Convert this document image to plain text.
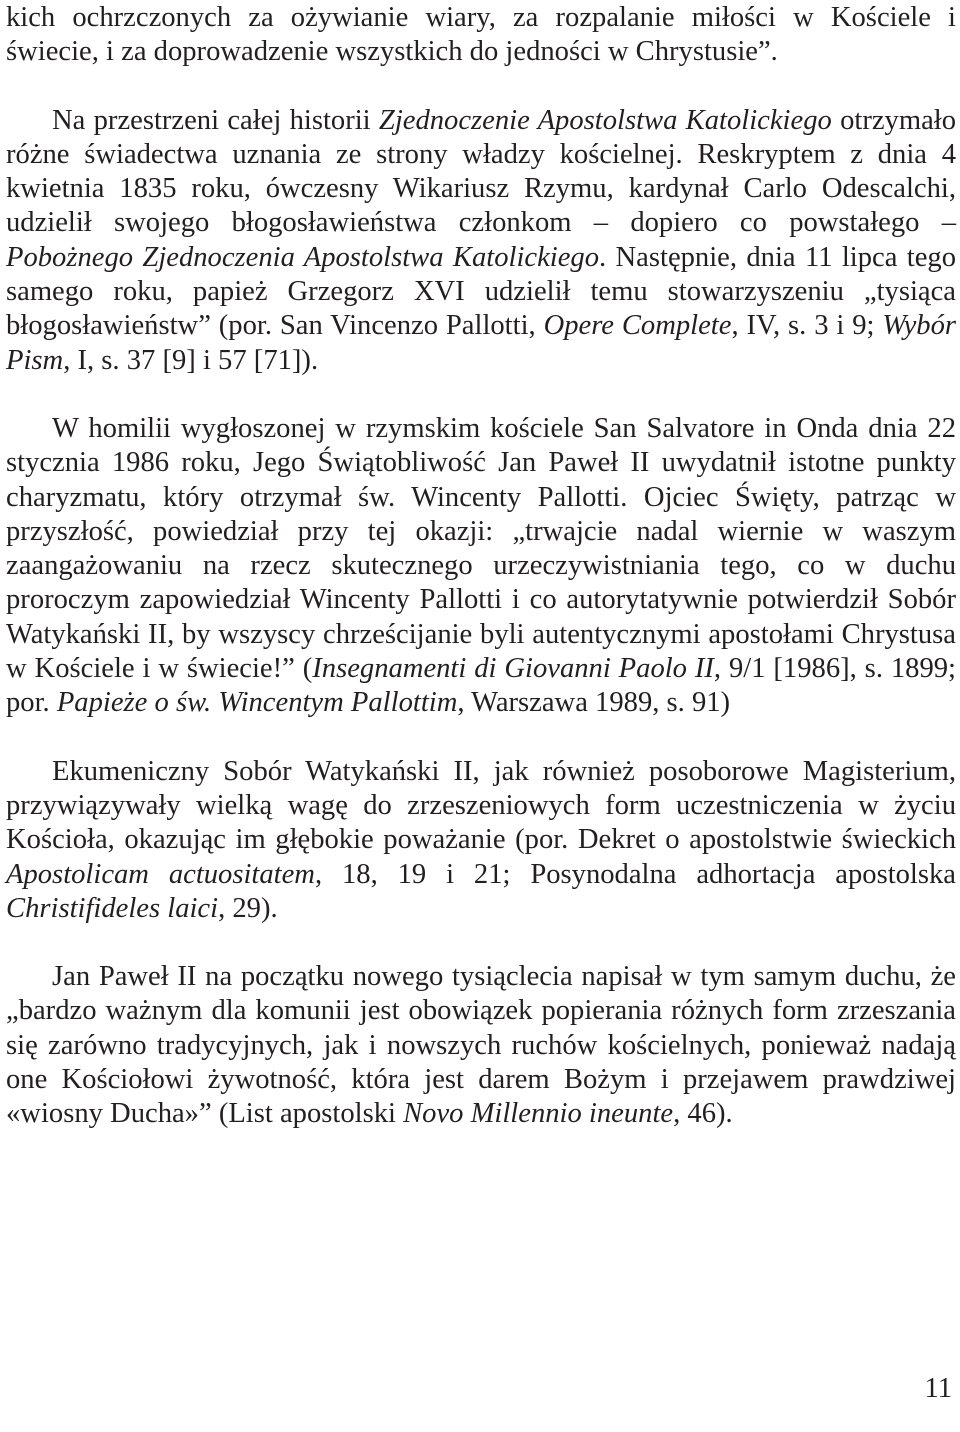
kich ochrzczonych za ożywianie wiary, za rozpalanie miłości w Kościele i świecie, i za doprowadzenie wszystkich do jedności w Chrystusie”.

Na przestrzeni całej historii Zjednoczenie Apostolstwa Katolickiego otrzymało różne świadectwa uznania ze strony władzy kościelnej. Reskryptem z dnia 4 kwietnia 1835 roku, ówczesny Wikariusz Rzymu, kardynał Carlo Odescalchi, udzielił swojego błogosławieństwa członkom – dopiero co powstałego – Pobożnego Zjednoczenia Apostolstwa Katolickiego. Następnie, dnia 11 lipca tego samego roku, papież Grzegorz XVI udzielił temu stowarzyszeniu „tysiąca błogosławieństw” (por. San Vincenzo Pallotti, Opere Complete, IV, s. 3 i 9; Wybór Pism, I, s. 37 [9] i 57 [71]).

W homilii wygłoszonej w rzymskim kościele San Salvatore in Onda dnia 22 stycznia 1986 roku, Jego Świątobliwość Jan Paweł II uwydatnił istotne punkty charyzmatu, który otrzymał św. Wincenty Pallotti. Ojciec Święty, patrząc w przyszłość, powiedział przy tej okazji: „trwajcie nadal wiernie w waszym zaangażowaniu na rzecz skutecznego urzeczywistniania tego, co w duchu proroczym zapowiedział Wincenty Pallotti i co autorytatywnie potwierdził Sobór Watykański II, by wszyscy chrześcijanie byli autentycznymi apostołami Chrystusa w Kościele i w świecie!” (Insegnamenti di Giovanni Paolo II, 9/1 [1986], s. 1899; por. Papieże o św. Wincentym Pallottim, Warszawa 1989, s. 91)

Ekumeniczny Sobór Watykański II, jak również posoborowe Magisterium, przywiązywały wielką wagę do zrzeszeniowych form uczestniczenia w życiu Kościoła, okazując im głębokie poważanie (por. Dekret o apostolstwie świeckich Apostolicam actuositatem, 18, 19 i 21; Posynodalna adhortacja apostolska Christifideles laici, 29).

Jan Paweł II na początku nowego tysiąclecia napisał w tym samym duchu, że „bardzo ważnym dla komunii jest obowiązek popierania różnych form zrzeszania się zarówno tradycyjnych, jak i nowszych ruchów kościelnych, ponieważ nadają one Kościołowi żywotność, która jest darem Bożym i przejawem prawdziwej «wiosny Ducha»” (List apostolski Novo Millennio ineunte, 46).

11
